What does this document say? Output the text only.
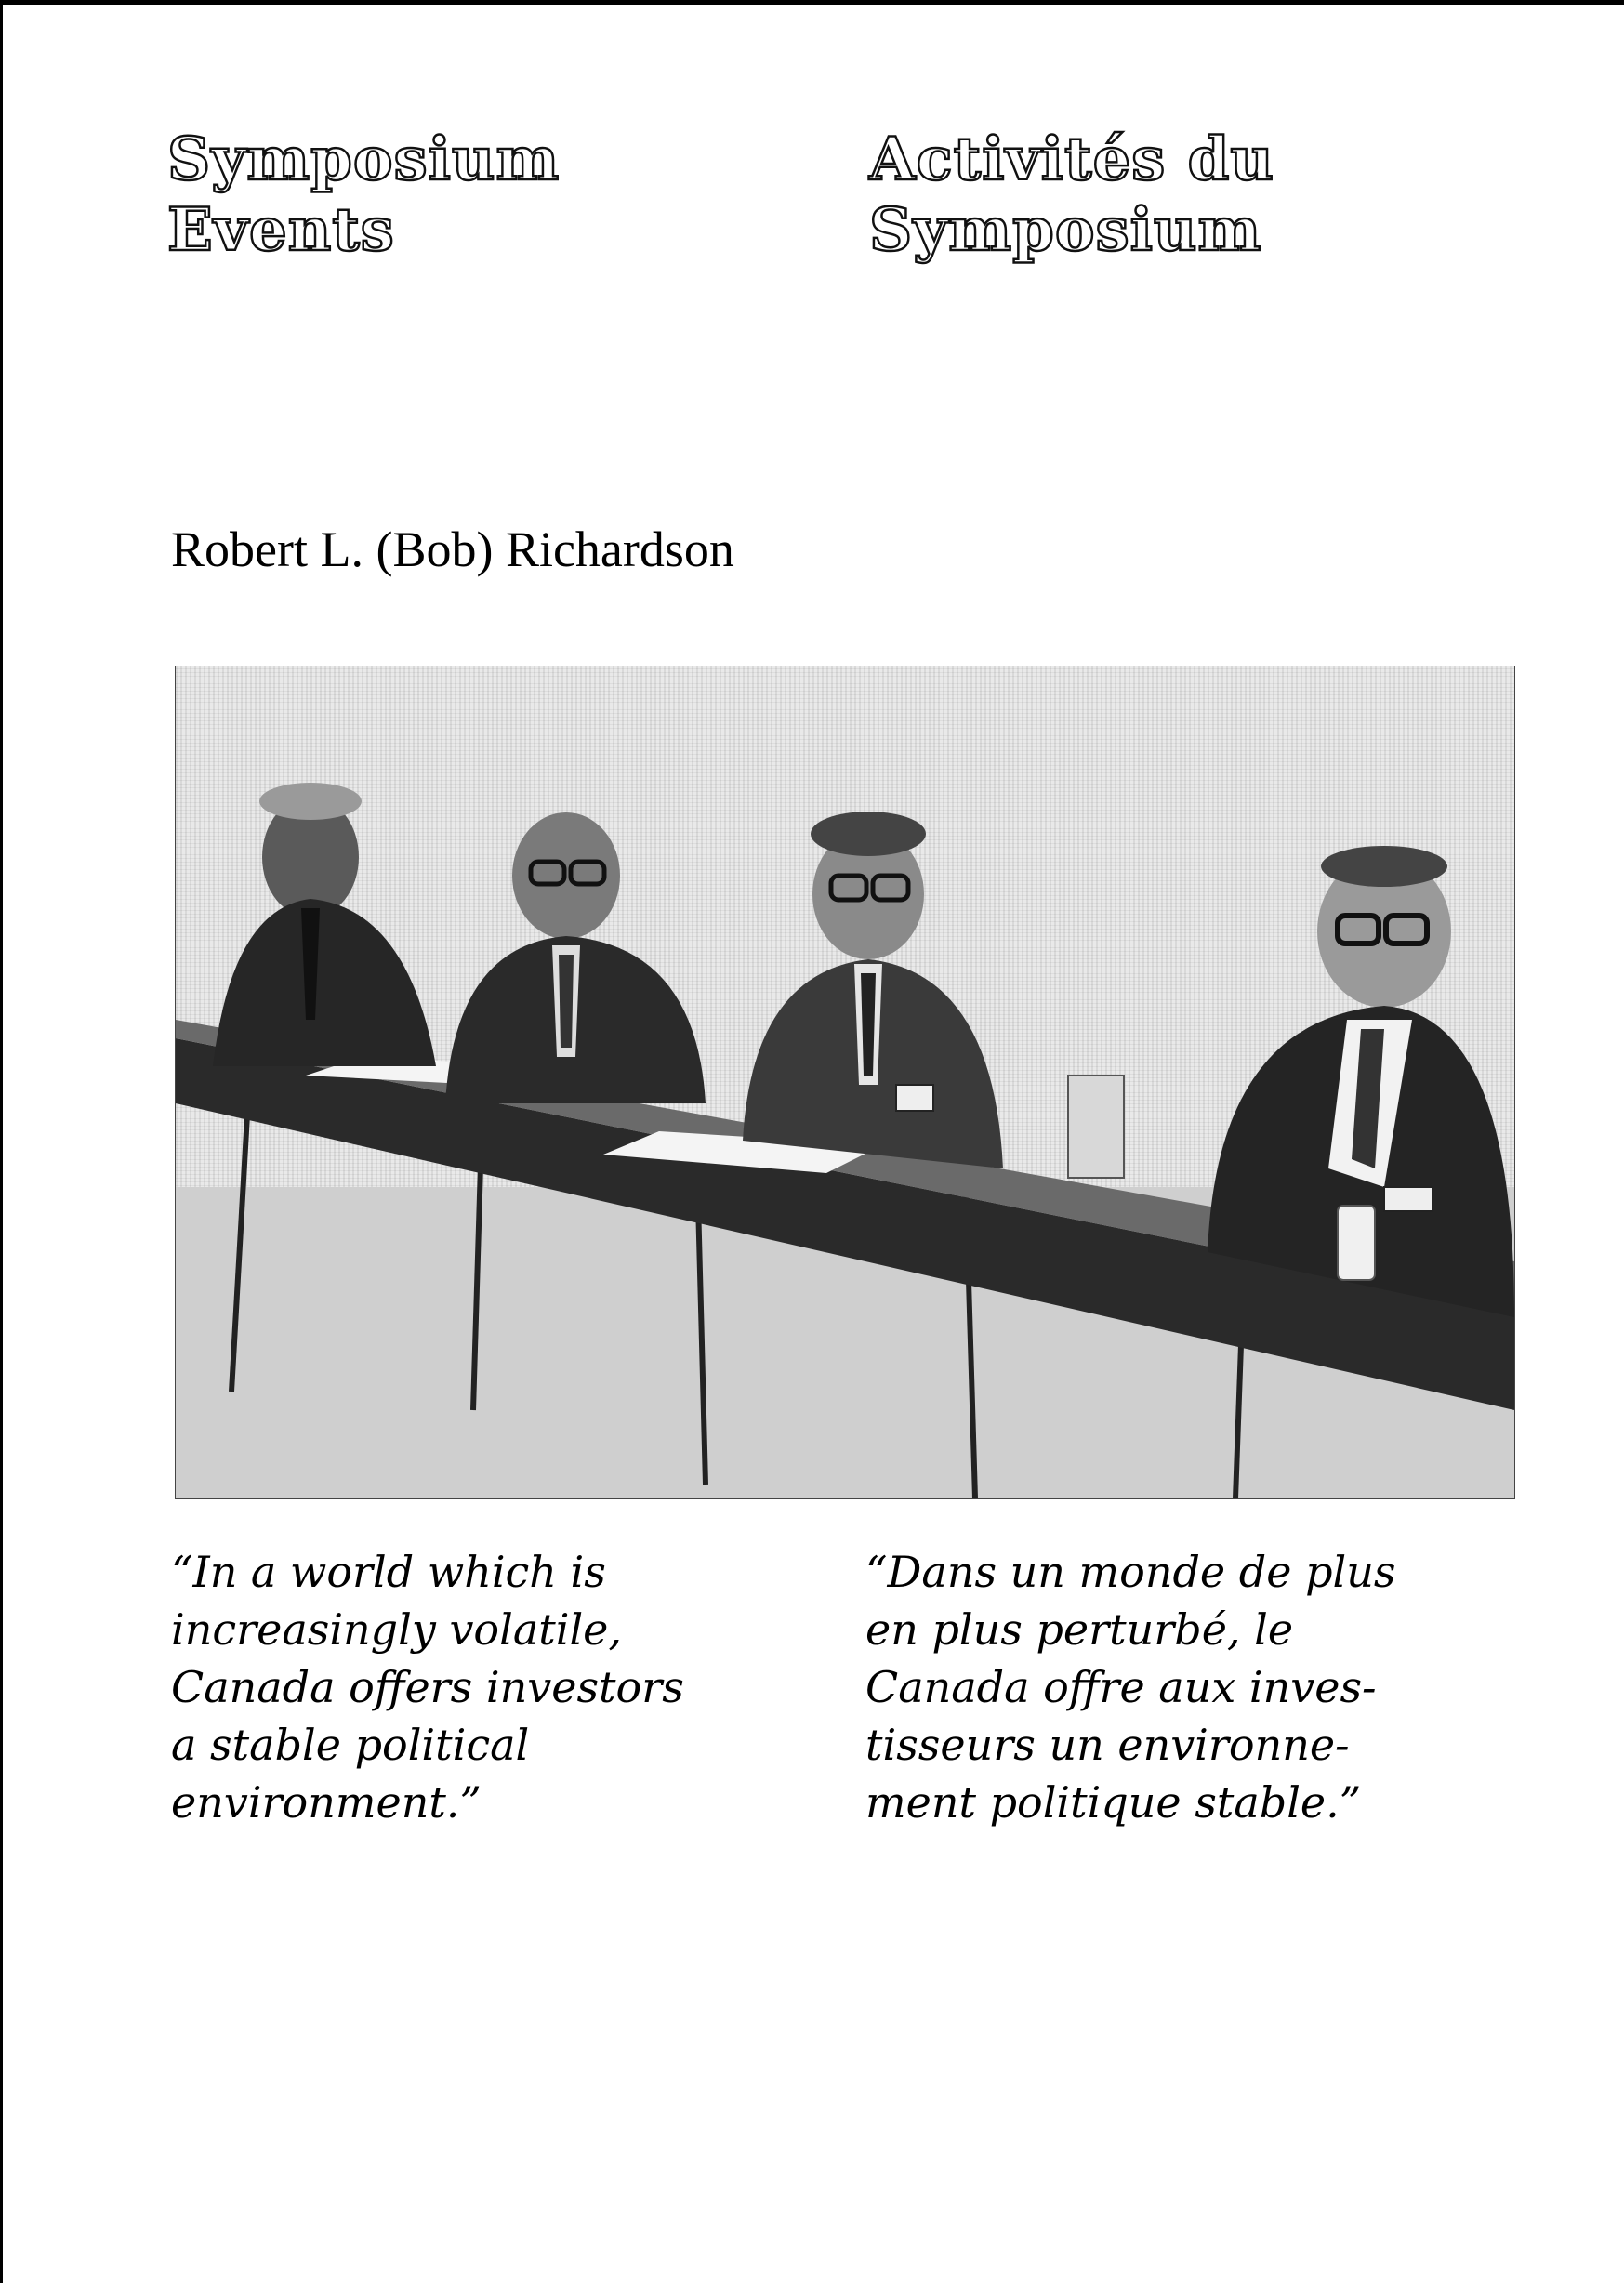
Symposium
Events
Activités du
Symposium
Robert L. (Bob) Richardson
“In a world which is
increasingly volatile,
Canada offers investors
a stable political
environment.”
“Dans un monde de plus
en plus perturbé, le
Canada offre aux inves-
tisseurs un environne-
ment politique stable.”
